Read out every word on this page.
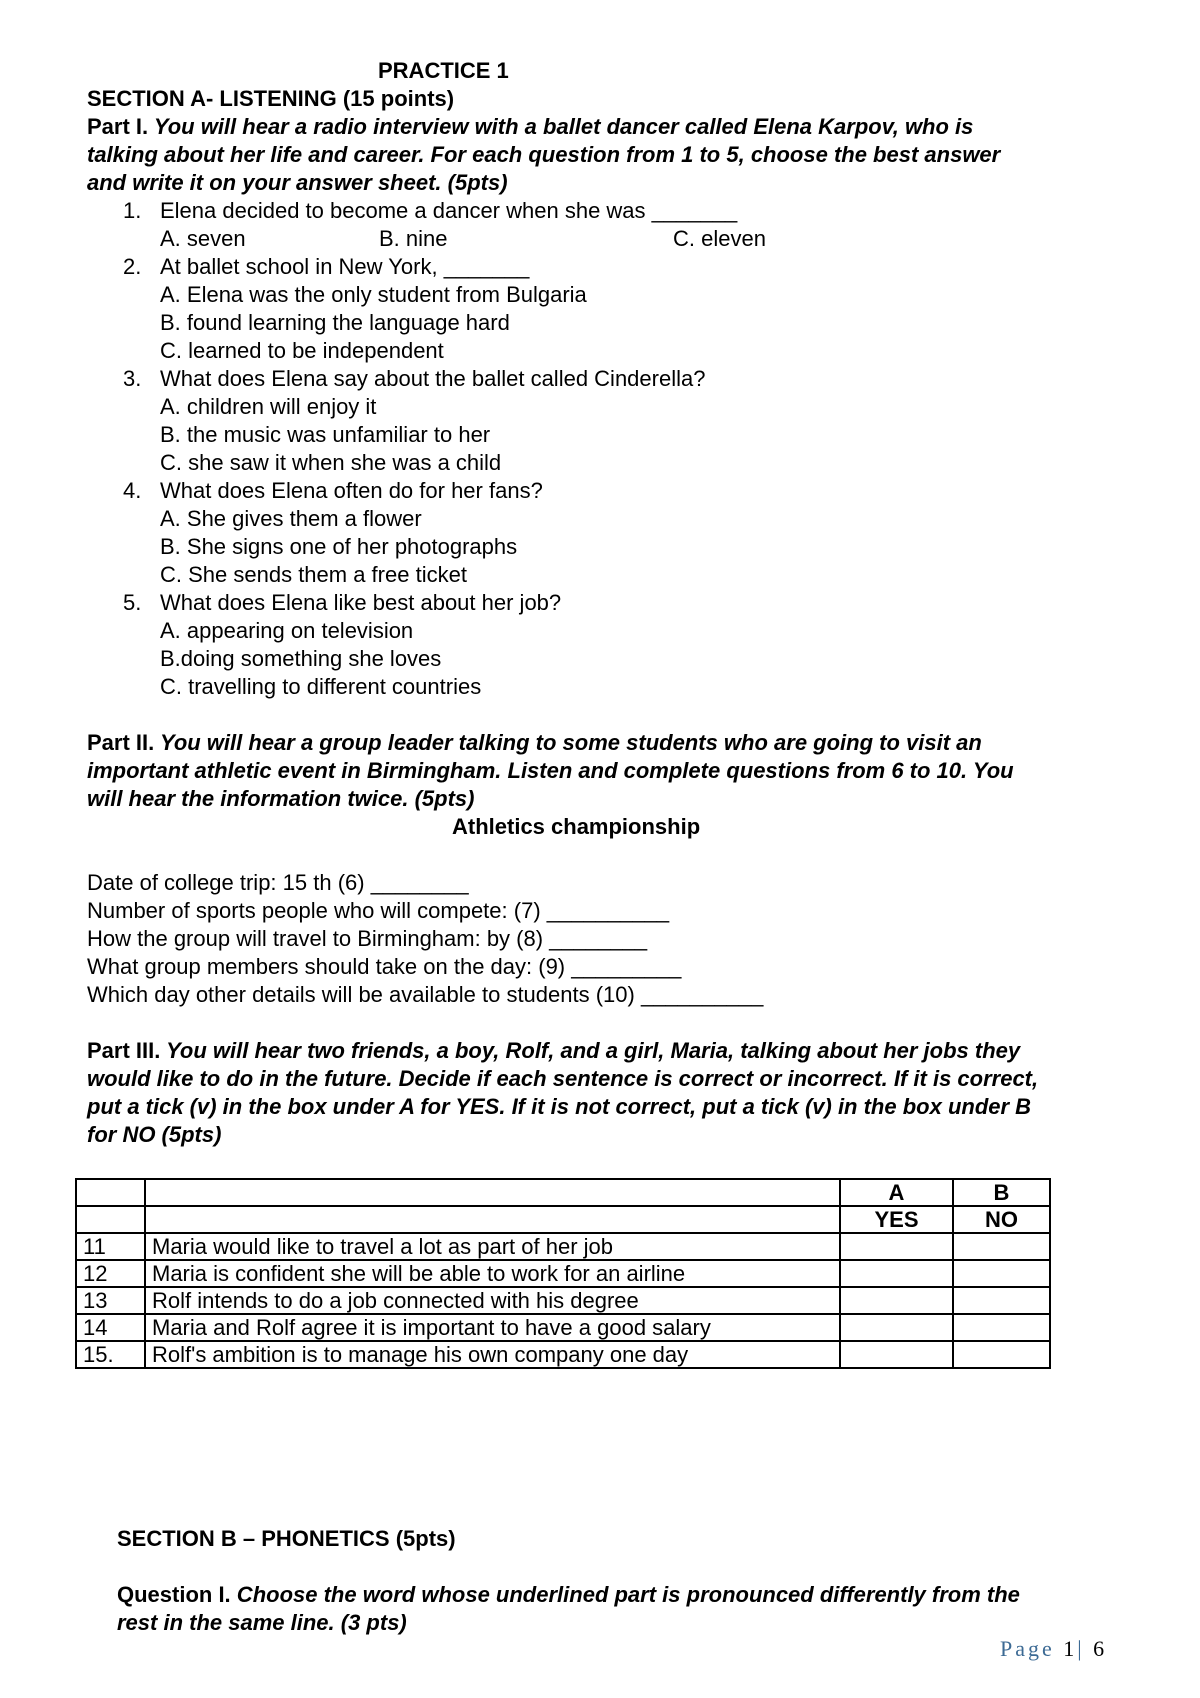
PRACTICE 1
SECTION A- LISTENING (15 points)
Part I. You will hear a radio interview with a ballet dancer called Elena Karpov, who is
talking about her life and career. For each question from 1 to 5, choose the best answer
and write it on your answer sheet. (5pts)
1. Elena decided to become a dancer when she was _______
A. seven	B. nine	C. eleven
2. At ballet school in New York, _______
A. Elena was the only student from Bulgaria
B. found learning the language hard
C. learned to be independent
3. What does Elena say about the ballet called Cinderella?
A. children will enjoy it
B. the music was unfamiliar to her
C. she saw it when she was a child
4. What does Elena often do for her fans?
A. She gives them a flower
B. She signs one of her photographs
C. She sends them a free ticket
5. What does Elena like best about her job?
A. appearing on television
B.doing something she loves
C. travelling to different countries
Part II. You will hear a group leader talking to some students who are going to visit an
important athletic event in Birmingham. Listen and complete questions from 6 to 10. You
will hear the information twice. (5pts)
Athletics championship
Date of college trip: 15 th (6) ________
Number of sports people who will compete: (7) __________
How the group will travel to Birmingham: by (8) ________
What group members should take on the day: (9) _________
Which day other details will be available to students (10) __________
Part III. You will hear two friends, a boy, Rolf, and a girl, Maria, talking about her jobs they
would like to do in the future. Decide if each sentence is correct or incorrect. If it is correct,
put a tick (v) in the box under A for YES. If it is not correct, put a tick (v) in the box under B
for NO (5pts)
		A	B
		YES	NO
11	Maria would like to travel a lot as part of her job		
12	Maria is confident she will be able to work for an airline		
13	Rolf intends to do a job connected with his degree		
14	Maria and Rolf agree it is important to have a good salary		
15.	Rolf's ambition is to manage his own company one day		
SECTION B – PHONETICS (5pts)
Question I. Choose the word whose underlined part is pronounced differently from the
rest in the same line. (3 pts)
Page 1| 6
